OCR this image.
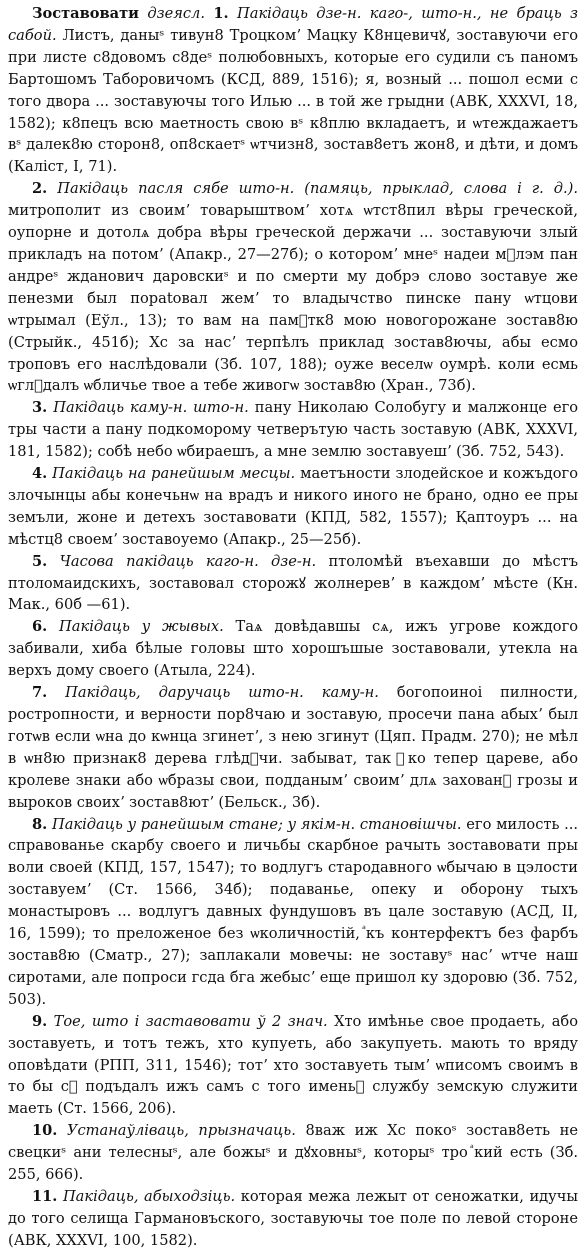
Зоставовати дзеясл. 1. Пакідаць дзе-н. каго-, што-н., не браць з сабой. Листъ, даныˢ тивун8 Троцкомʼ Мацку К8нцевичꙋ, зоставуючи его при листе с8довомъ с8деˢ полюбовныхъ, которые его судили съ паномъ Бартошомъ Таборовичомъ (КСД, 889, 1516); я, возный ... пошол есми с того двора ... зоставуючы того Илью ... в той же грыдни (АВК, XXXVI, 18, 1582); к8пецъ всю маетность свою вˢ к8плю вкладаетъ, и ѡтеждажаетъ вˢ далек8ю сторон8, оп8скаетˢ ѡтчизн8, зостав8етъ жон8, и дѣти, и домъ (Каліст, I, 71).

2. Пакідаць пасля сябе што-н. (памяць, прыклад, слова і г. д.). митрополит из своимʼ товарыштвомʼ хотѧ ѡтст8пил вѣры греческой, оупорне и дотолѧ добра вѣры греческой держачи ... зоставуючи злый прикладъ на потомʼ (Апакр., 27—27б); о которомʼ мнеˢ надеи мⷧлэм пан андреˢ жданович даровскиˢ и по смерти му добрэ слово зоставуе же пенезми был пораtовал жемʼ то владычство пинске пану ѡтцови ѡтрымал (Еўл., 13); то вам на памⷮтк8 мою новогорожане зостав8ю (Стрыйк., 451б); Хс за насʼ терпѣлъ приклад зостав8ючы, абы есмо троповъ его наслѣдовали (Зб. 107, 188); оуже веселѡ оумрѣ. коли есмь ѡглⷣдалъ ѡбличье твое а тебе живогѡ зостав8ю (Хран., 73б).

3. Пакідаць каму-н. што-н. пану Николаю Солобугу и малжонце его тры части а пану подкоморому четверътую часть зоставую (АВК, XXXVI, 181, 1582); собѣ небо ѡбираешъ, а мне землю зоставуешʼ (Зб. 752, 543).

4. Пакідаць на ранейшым месцы. маетъности злодейское и кожъдого злочынцы абы конечьнѡ на врадъ и никого иного не брано, одно ее пры земъли, жоне и детехъ зоставовати (КПД, 582, 1557); Қаптоуръ ... на мѣстц8 своемʼ зоставоуемо (Апакр., 25—25б).

5. Часова пакідаць каго-н. дзе-н. птоломѣй въехавши до мѣстъ птоломаидскихъ, зоставовал сторожꙋ жолнеревʼ в каждомʼ мѣсте (Кн. Мак., 60б —61).

6. Пакідаць у жывых. Таѧ довѣдавшы сѧ, ижъ угрове кождого забивали, хиба бѣлые головы што хорошъшые зоставовали, утекла на верхъ дому своего (Атыла, 224).

7. Пакідаць, даручаць што-н. каму-н. богопоиноi пилности, ростропности, и верности пор8чаю и зоставую, просечи пана абыхʼ был готѡв если ѡна до кѡнца згинетʼ, з нею згинут (Цяп. Прадм. 270); не мѣл в ѡн8ю признак8 дерева глѣдⷶчи. забыват, так ⷶко тепер цареве, або кролеве знаки або ѡбразы свои, подданымʼ своимʼ длѧ захованⷶ грозы и вырoков своихʼ зостав8ютʼ (Бельск., 3б).

8. Пакідаць у ранейшым стане; у якім-н. становішчы. его милость ... справованье скарбу своего и личьбы скарбное рачыть зоставовати пры воли своей (КПД, 157, 1547); то водлугъ стародавного ѡбычаю в цэлости зоставуемʼ (Ст. 1566, 34б); подаванье, опеку и оборону тыхъ монастыровъ ... водлугъ давных фундушовъ въ цале зоставую (АСД, II, 16, 1599); то преложеное без ѡколичностій, ⷶкъ контерфектъ без фарбъ зостав8ю (Сматр., 27); заплакали мовечы: не зоставуˢ насʼ ѡтче наш сиротами, але попроси гсда бга жебысʼ еще пришол ку здоровю (Зб. 752, 503).

9. Тое, што і заставовати ў 2 знач. Хто имѣнье свое продаеть, або зоставуеть, и тотъ тежъ, хто купуеть, або закупуеть. мають то вряду оповѣдати (РПП, 311, 1546); тотʼ хто зоставуеть тымʼ ѡписомъ своимъ в то бы сⷶ подъдалъ ижъ самъ с того именьⷶ службу земскую служити маеть (Ст. 1566, 206).

10. Устанаўліваць, прызначаць. 8важ иж Хс покоˢ зостав8еть не свецкиˢ ани телесныˢ, але божыˢ и дꙋховныˢ, которыˢ тро ⷶкий есть (Зб. 255, 666).

11. Пакідаць, абыходзіць. которая межа лежыт от сеножатки, идучы до того селища Гармановъского, зоставуючы тое поле по левой стороне (АВК, XXXVI, 100, 1582).
